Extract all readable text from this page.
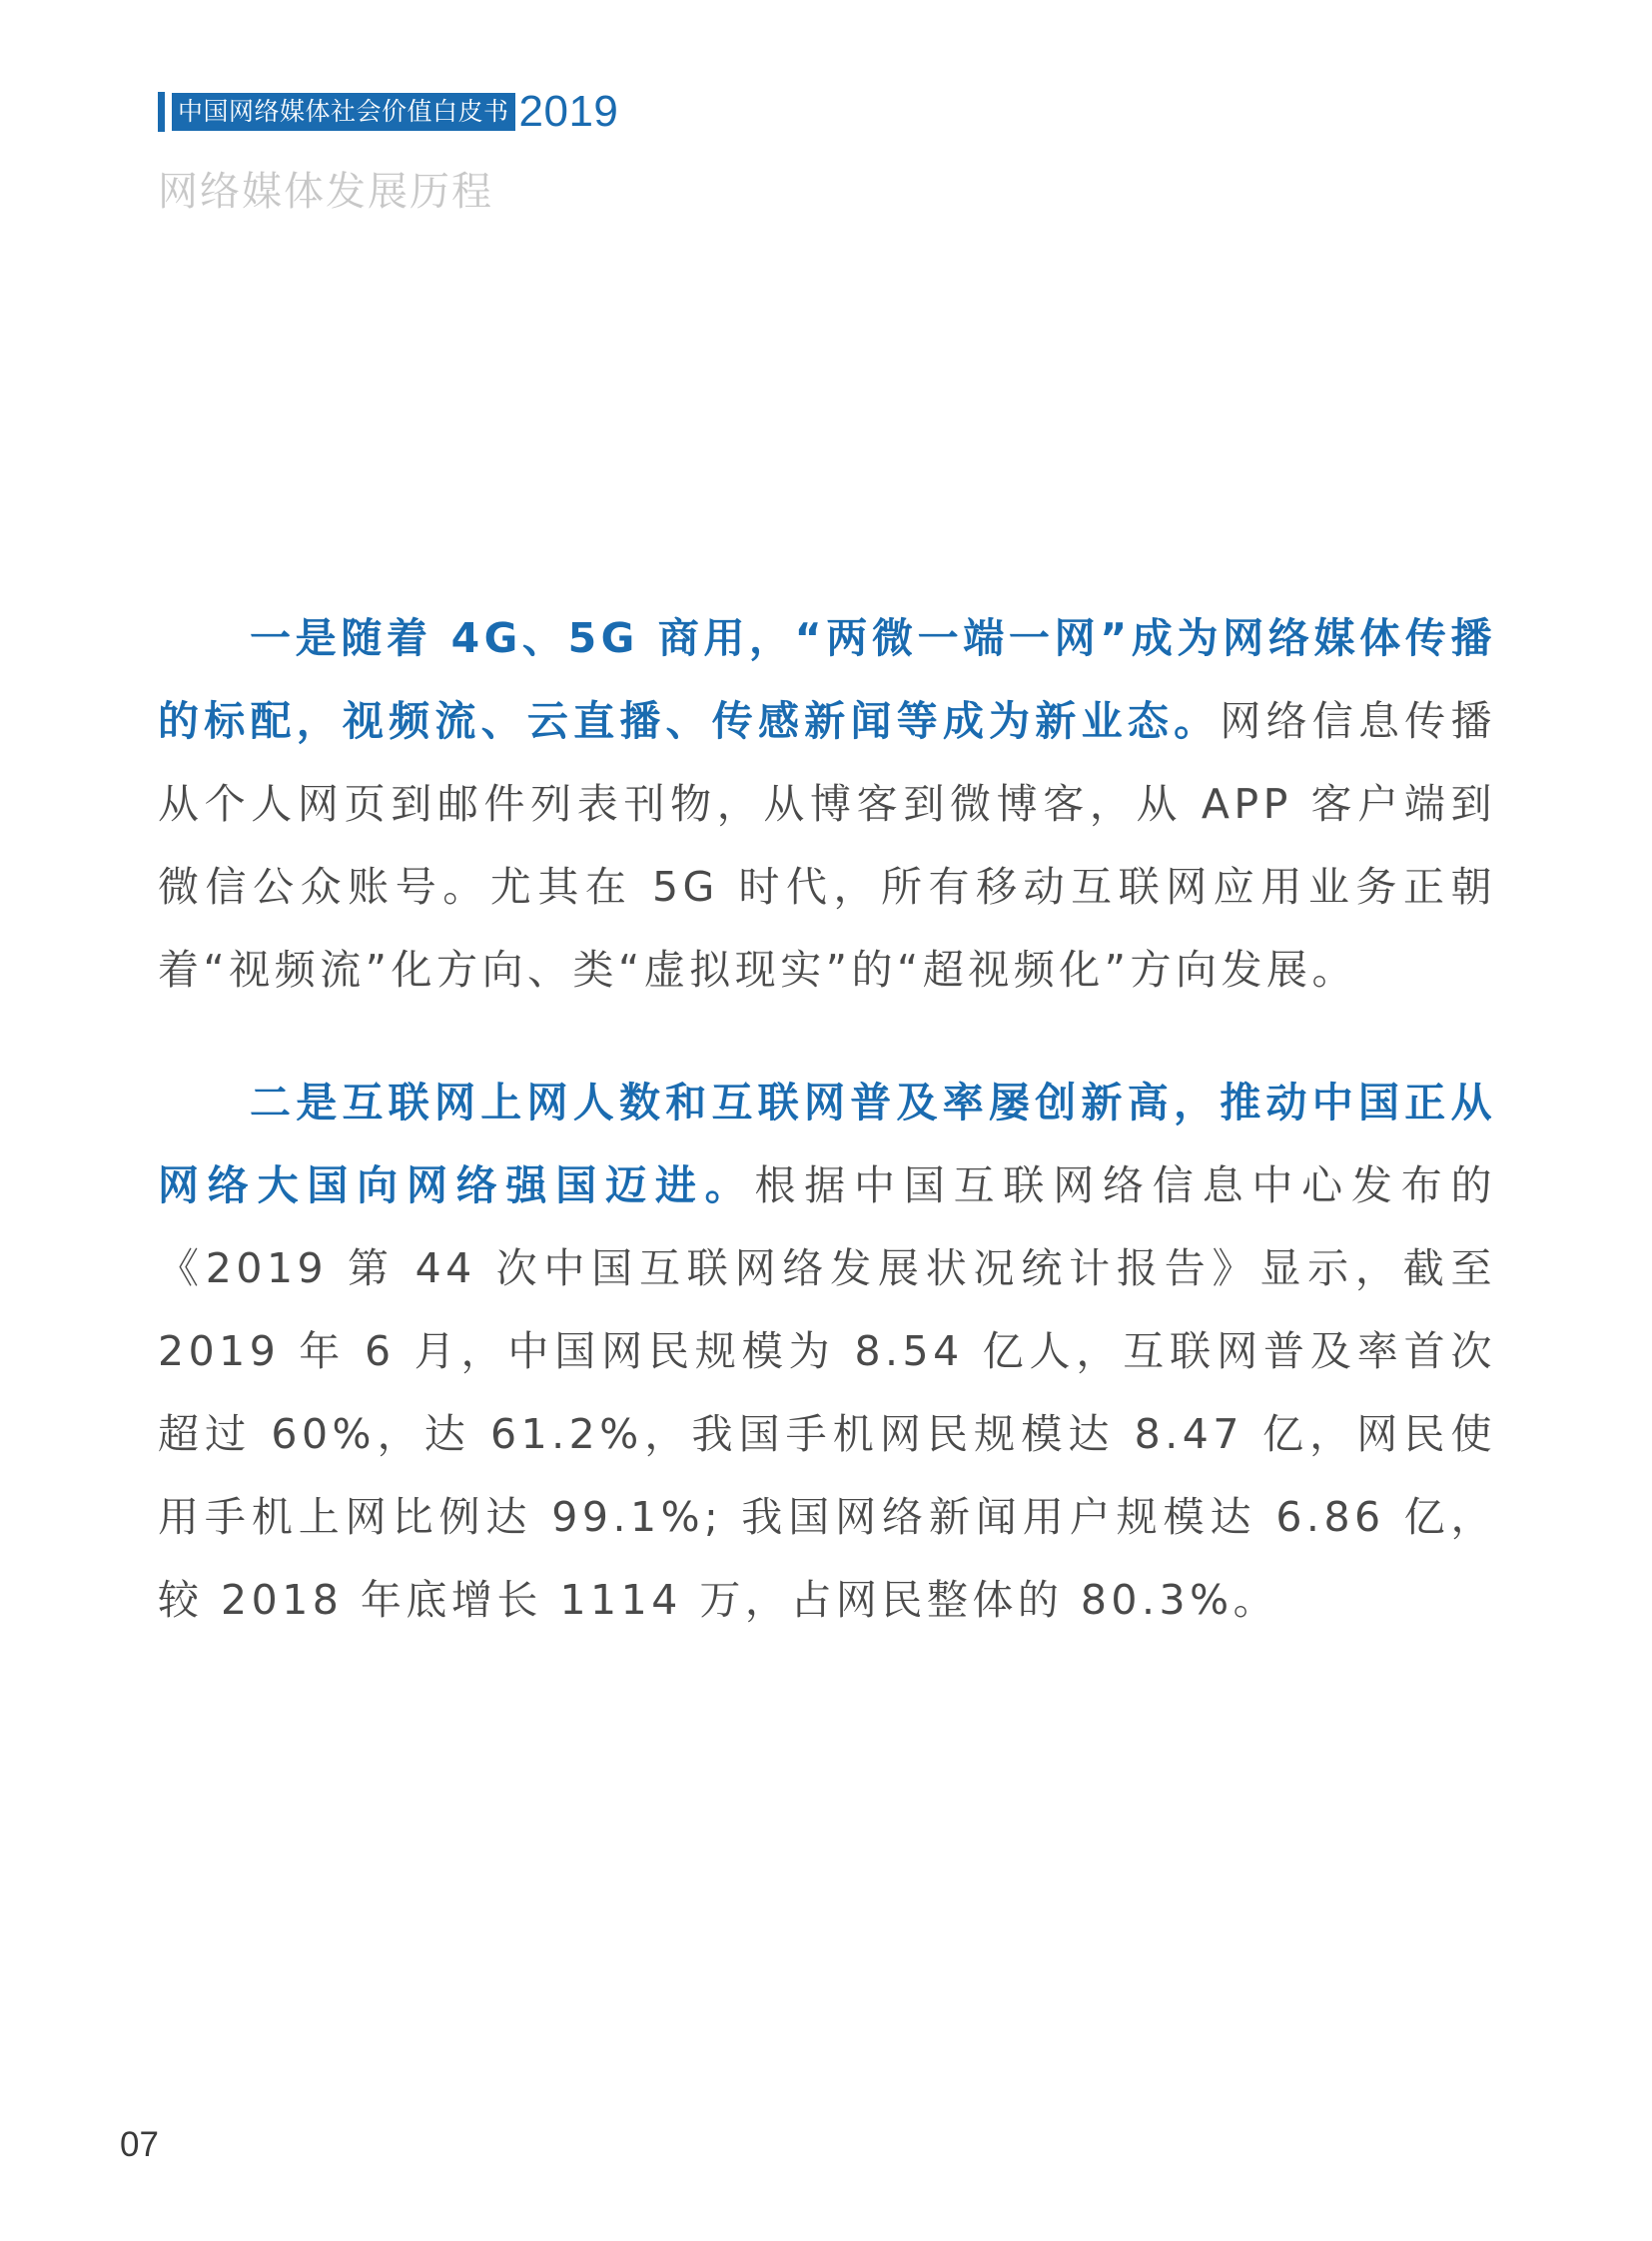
中国网络媒体社会价值白皮书 2019
网络媒体发展历程

一是随着 4G、5G 商用，“两微一端一网”成为网络媒体传播的标配，视频流、云直播、传感新闻等成为新业态。网络信息传播从个人网页到邮件列表刊物，从博客到微博客，从 APP 客户端到微信公众账号。尤其在 5G 时代，所有移动互联网应用业务正朝着“视频流”化方向、类“虚拟现实”的“超视频化”方向发展。

二是互联网上网人数和互联网普及率屡创新高，推动中国正从网络大国向网络强国迈进。根据中国互联网络信息中心发布的《2019 第 44 次中国互联网络发展状况统计报告》显示，截至 2019 年 6 月，中国网民规模为 8.54 亿人，互联网普及率首次超过 60%，达 61.2%，我国手机网民规模达 8.47 亿，网民使用手机上网比例达 99.1%; 我国网络新闻用户规模达 6.86 亿，较 2018 年底增长 1114 万，占网民整体的 80.3%。

07
